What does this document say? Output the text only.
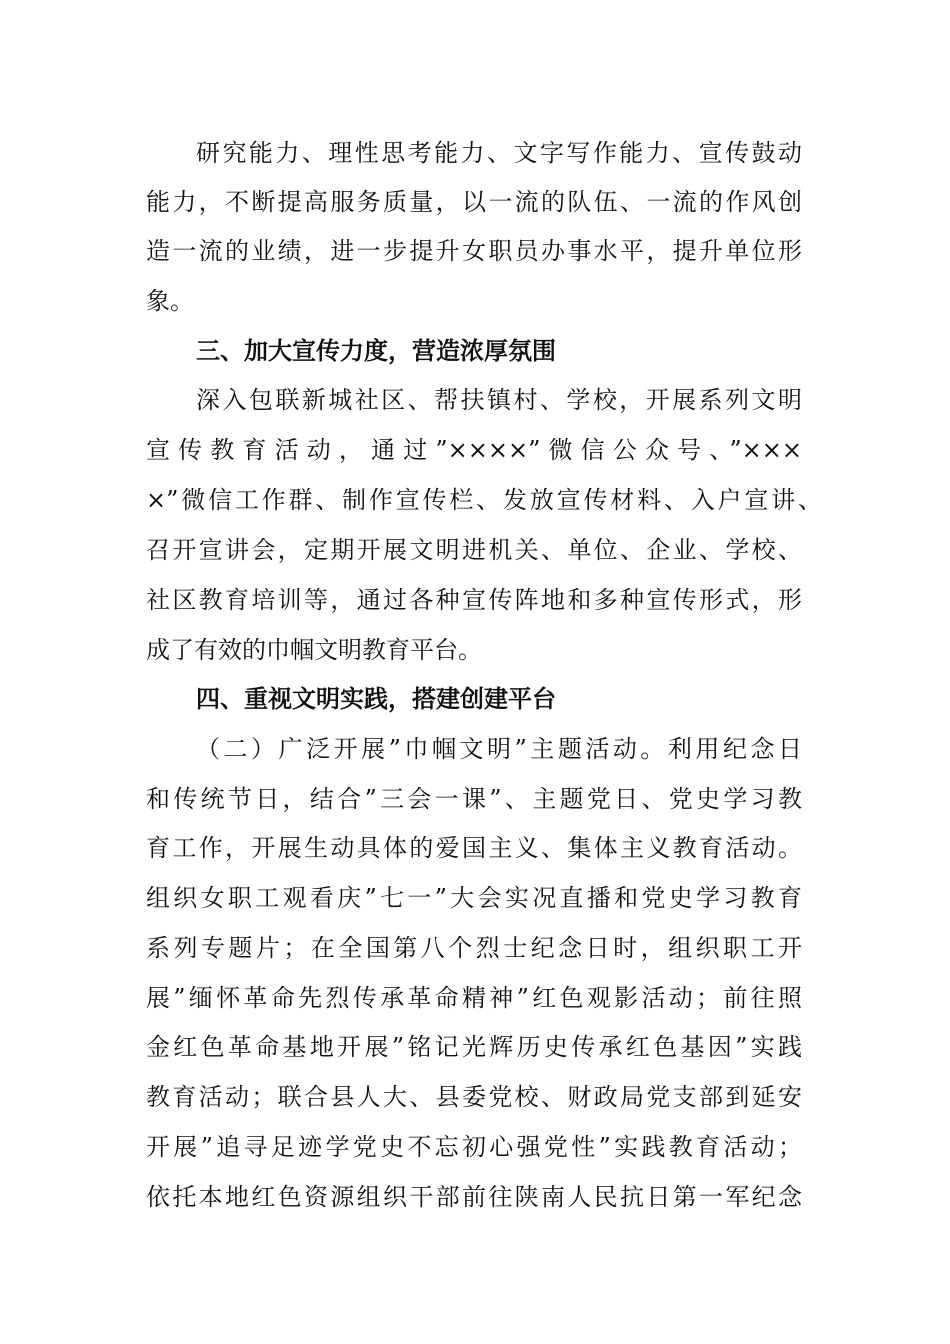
研究能力、理性思考能力、文字写作能力、宣传鼓动
能力，不断提高服务质量，以一流的队伍、一流的作风创
造一流的业绩，进一步提升女职员办事水平，提升单位形
象。
三、加大宣传力度，营造浓厚氛围
深入包联新城社区、帮扶镇村、学校，开展系列文明
宣传教育活动，通过”××××”微信公众号、”×××
×”微信工作群、制作宣传栏、发放宣传材料、入户宣讲、
召开宣讲会，定期开展文明进机关、单位、企业、学校、
社区教育培训等，通过各种宣传阵地和多种宣传形式，形
成了有效的巾帼文明教育平台。
四、重视文明实践，搭建创建平台
（二）广泛开展”巾帼文明”主题活动。利用纪念日
和传统节日，结合”三会一课”、主题党日、党史学习教
育工作，开展生动具体的爱国主义、集体主义教育活动。
组织女职工观看庆”七一”大会实况直播和党史学习教育
系列专题片；在全国第八个烈士纪念日时，组织职工开
展”缅怀革命先烈传承革命精神”红色观影活动；前往照
金红色革命基地开展”铭记光辉历史传承红色基因”实践
教育活动；联合县人大、县委党校、财政局党支部到延安
开展”追寻足迹学党史不忘初心强党性”实践教育活动；
依托本地红色资源组织干部前往陕南人民抗日第一军纪念
